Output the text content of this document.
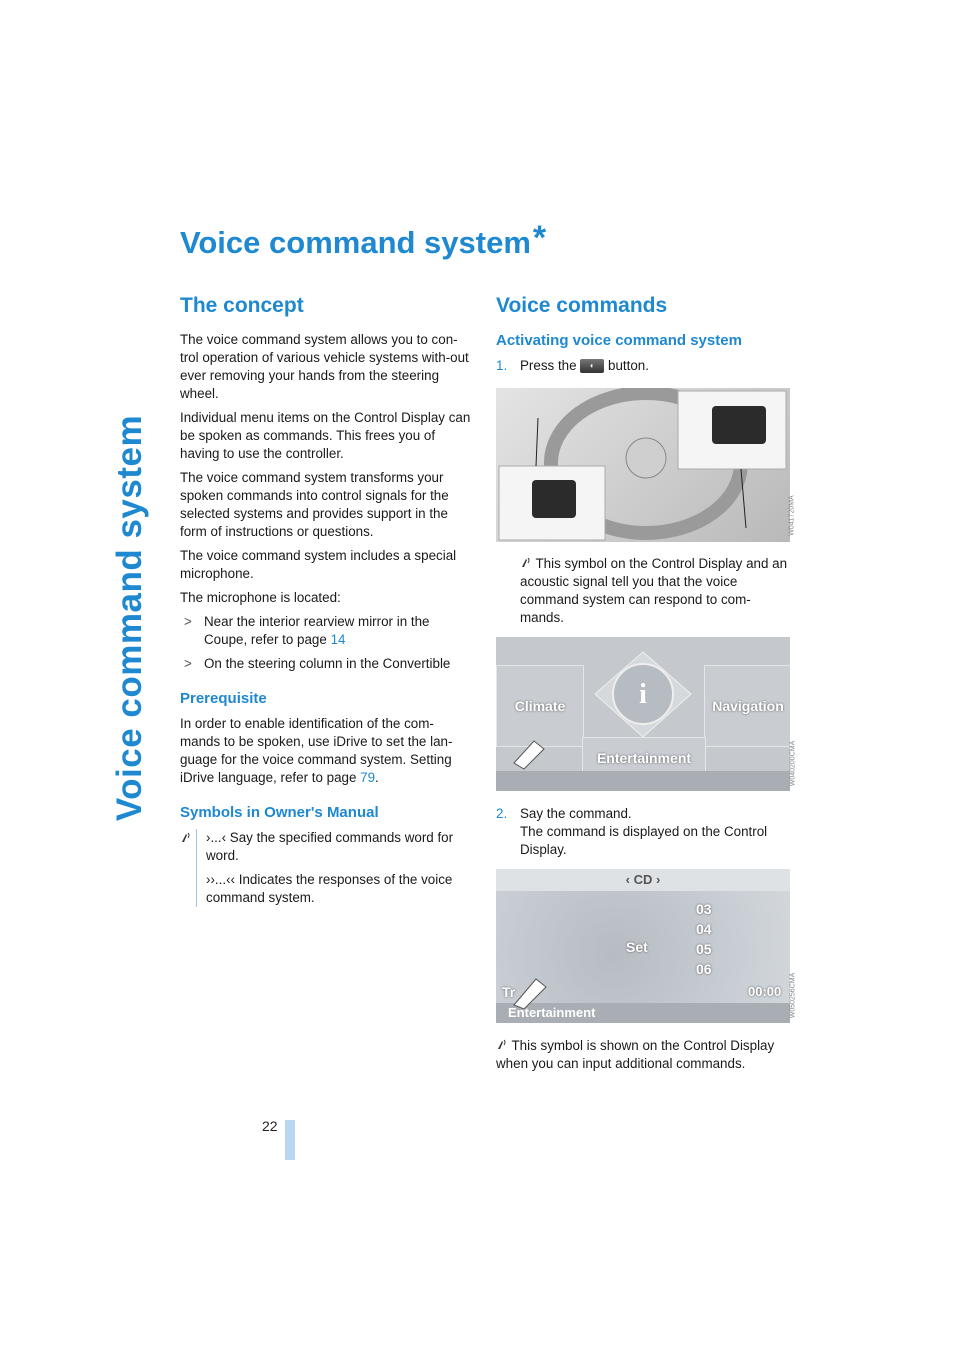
Voice command system
22
Voice command system*
The concept

The voice command system allows you to con-trol operation of various vehicle systems with-out ever removing your hands from the steering wheel.

Individual menu items on the Control Display can be spoken as commands. This frees you of having to use the controller.

The voice command system transforms your spoken commands into control signals for the selected systems and provides support in the form of instructions or questions.

The voice command system includes a special microphone.

The microphone is located:

> Near the interior rearview mirror in the Coupe, refer to page 14
> On the steering column in the Convertible
Prerequisite

In order to enable identification of the com-mands to be spoken, use iDrive to set the lan-guage for the voice command system. Setting iDrive language, refer to page 79.

Symbols in Owner's Manual

›...‹ Say the specified commands word for word.

››...‹‹ Indicates the responses of the voice command system.

Voice commands
Activating voice command system
1. Press the ◐ button.
W041720MA

This symbol on the Control Display and an acoustic signal tell you that the voice command system can respond to com-mands.

Climate	Navigation
Entertainment
i
W040200CMA
2. Say the command.
The command is displayed on the Control Display.
‹ CD ›
03
04
05
06
Set
Tr	00:00
Entertainment	W050256CMA

This symbol is shown on the Control Display when you can input additional commands.
